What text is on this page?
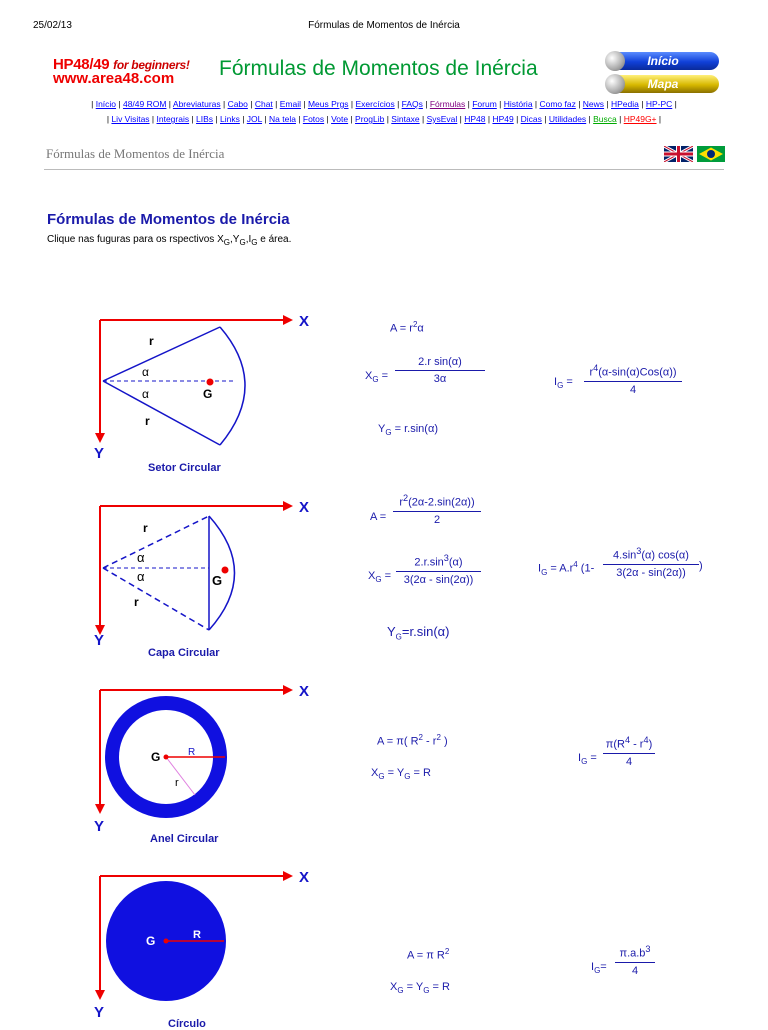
25/02/13	Fórmulas de Momentos de Inércia
HP48/49 for beginners!
www.area48.com Fórmulas de Momentos de Inércia	Início
Mapa
| Início | 48/49 ROM | Abreviaturas | Cabo | Chat | Email | Meus Prgs | Exercícios | FAQs | Fórmulas | Forum | História | Como faz | News | HPedia | HP-PC |
| Liv Visitas | Integrais | LIBs | Links | JOL | Na tela | Fotos | Vote | ProgLib | Sintaxe | SysEval | HP48 | HP49 | Dicas | Utilidades | Busca | HP49G+ |
Fórmulas de Momentos de Inércia
Fórmulas de Momentos de Inércia
Clique nas fuguras para os rspectivos $X_G,Y_G,I_G$ e área.
X
Y
r
r
α
α	G
Setor Circular
$A = r^2\alpha$
$X_G$ =
2.r sin(α)
3α
$Y_G = r.\sin(\alpha)$
$I_G$ =
$r^4(\alpha-\sin(\alpha)Cos(\alpha))$
4
X
Y
r
r
α
α	G
Capa Circular
A =
$r^2(2\alpha-2.\sin(2\alpha))$
2
$X_G$ =
$2.r.\sin^3(\alpha)$
3(2α - sin(2α))
$Y_G=r.\sin(\alpha)$
$I_G = A.r^4$ (1-
$4.\sin^3(\alpha)$ cos(α)
3(2α - sin(2α))
)
X
Y
G	R
r
Anel Circular
A = π( $R^2 - r^2$ )
$X_G = Y_G = R$
$I_G$ =
$\pi(R^4 - r^4)$
4
X
Y
G	R
Círculo
A = π $R^2$
$X_G = Y_G = R$
$I_G=$
$\pi.a.b^3$
4
